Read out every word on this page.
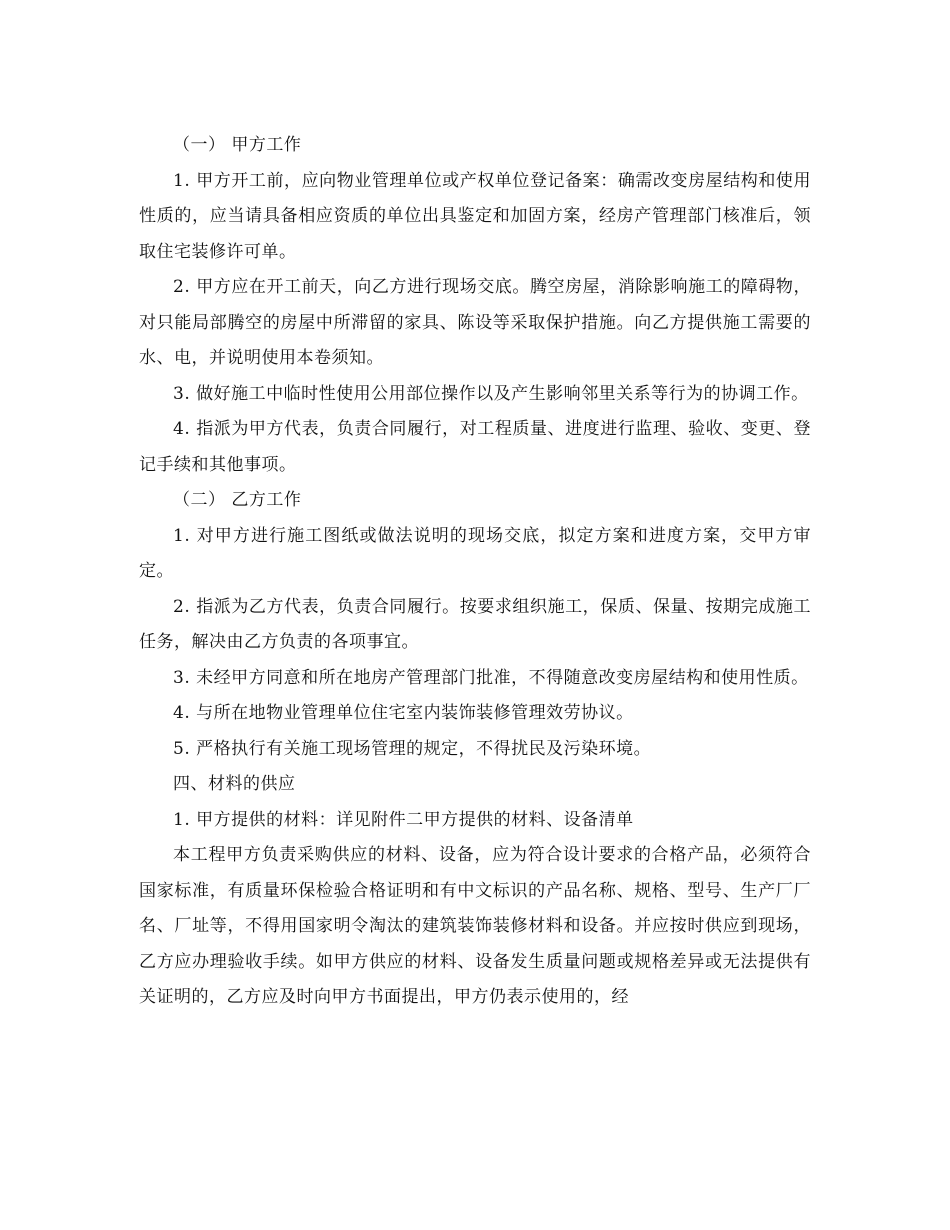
（一） 甲方工作

1. 甲方开工前，应向物业管理单位或产权单位登记备案：确需改变房屋结构和使用性质的，应当请具备相应资质的单位出具鉴定和加固方案，经房产管理部门核准后，领取住宅装修许可单。

2. 甲方应在开工前天，向乙方进行现场交底。腾空房屋，消除影响施工的障碍物，对只能局部腾空的房屋中所滞留的家具、陈设等采取保护措施。向乙方提供施工需要的水、电，并说明使用本卷须知。

3. 做好施工中临时性使用公用部位操作以及产生影响邻里关系等行为的协调工作。

4. 指派为甲方代表，负责合同履行，对工程质量、进度进行监理、验收、变更、登记手续和其他事项。

（二） 乙方工作

1. 对甲方进行施工图纸或做法说明的现场交底，拟定方案和进度方案，交甲方审定。

2. 指派为乙方代表，负责合同履行。按要求组织施工，保质、保量、按期完成施工任务，解决由乙方负责的各项事宜。

3. 未经甲方同意和所在地房产管理部门批准，不得随意改变房屋结构和使用性质。

4. 与所在地物业管理单位住宅室内装饰装修管理效劳协议。

5. 严格执行有关施工现场管理的规定，不得扰民及污染环境。

四、材料的供应

1. 甲方提供的材料：详见附件二甲方提供的材料、设备清单

本工程甲方负责采购供应的材料、设备，应为符合设计要求的合格产品，必须符合国家标准，有质量环保检验合格证明和有中文标识的产品名称、规格、型号、生产厂厂名、厂址等，不得用国家明令淘汰的建筑装饰装修材料和设备。并应按时供应到现场，乙方应办理验收手续。如甲方供应的材料、设备发生质量问题或规格差异或无法提供有关证明的，乙方应及时向甲方书面提出，甲方仍表示使用的，经
